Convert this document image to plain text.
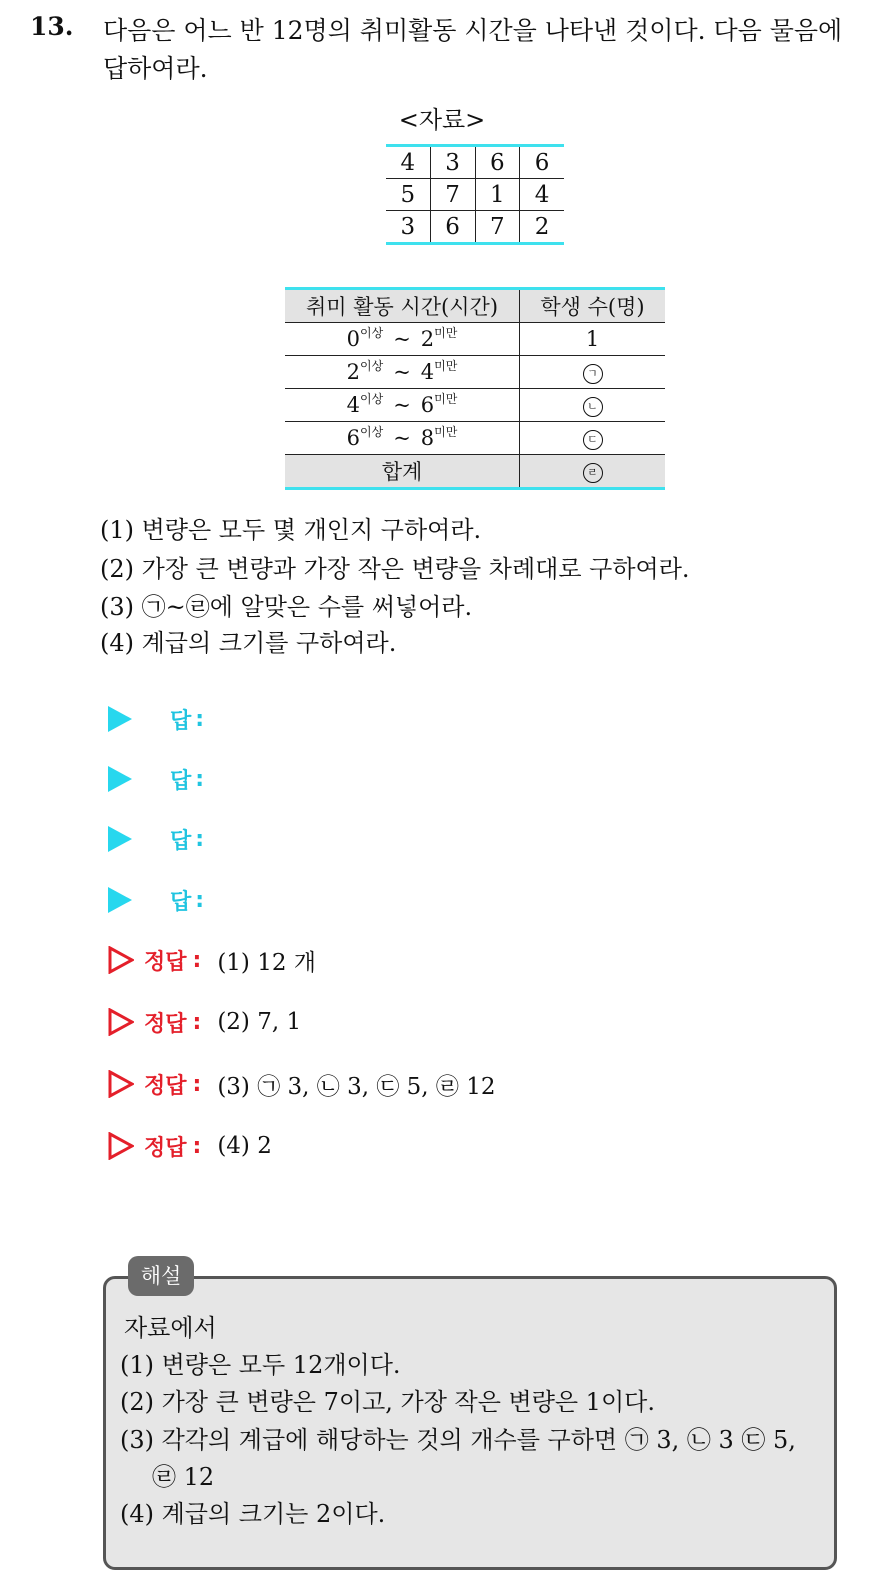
13. 다음은 어느 반 12명의 취미활동 시간을 나타낸 것이다. 다음 물음에 답하여라.
<자료>
4	3	6	6
5	7	1	4
3	6	7	2
취미 활동 시간(시간)	학생 수(명)
$0^{이상}$ ~ $2^{미만}$	1
$2^{이상}$ ~ $4^{미만}$	ㄱ
$4^{이상}$ ~ $6^{미만}$	ㄴ
$6^{이상}$ ~ $8^{미만}$	ㄷ
합계	ㄹ
(1) 변량은 모두 몇 개인지 구하여라.
(2) 가장 큰 변량과 가장 작은 변량을 차례대로 구하여라.
(3) ㉠~㉣에 알맞은 수를 써넣어라.
(4) 계급의 크기를 구하여라.
답 :
답 :
답 :
답 :
정답 : (1) 12 개
정답 : (2) 7, 1
정답 : (3) ㉠ 3, ㉡ 3, ㉢ 5, ㉣ 12
정답 : (4) 2
해설
자료에서
(1) 변량은 모두 12개이다.
(2) 가장 큰 변량은 7이고, 가장 작은 변량은 1이다.
(3) 각각의 계급에 해당하는 것의 개수를 구하면 ㉠ 3, ㉡ 3 ㉢ 5,
㉣ 12
(4) 계급의 크기는 2이다.
